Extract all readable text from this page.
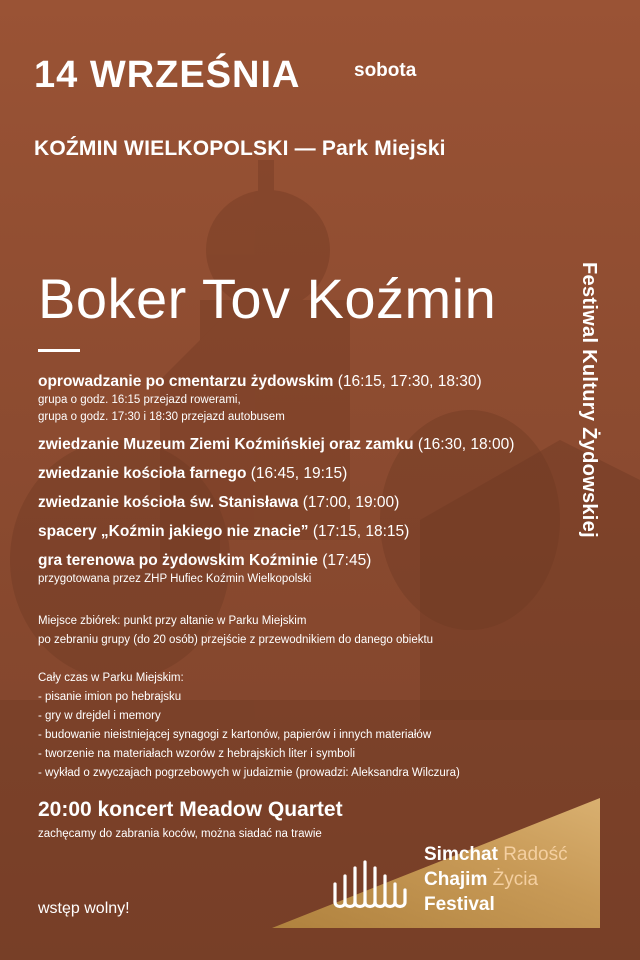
14 WRZEŚNIA	sobota
KOŹMIN WIELKOPOLSKI — Park Miejski
Boker Tov Koźmin	Festiwal Kultury Żydowskiej
oprowadzanie po cmentarzu żydowskim (16:15, 17:30, 18:30)
grupa o godz. 16:15 przejazd rowerami,
grupa o godz. 17:30 i 18:30 przejazd autobusem
zwiedzanie Muzeum Ziemi Koźmińskiej oraz zamku (16:30, 18:00)
zwiedzanie kościoła farnego (16:45, 19:15)
zwiedzanie kościoła św. Stanisława (17:00, 19:00)
spacery „Koźmin jakiego nie znacie” (17:15, 18:15)
gra terenowa po żydowskim Koźminie (17:45)
przygotowana przez ZHP Hufiec Koźmin Wielkopolski
Miejsce zbiórek: punkt przy altanie w Parku Miejskim
po zebraniu grupy (do 20 osób) przejście z przewodnikiem do danego obiektu
Cały czas w Parku Miejskim:
- pisanie imion po hebrajsku
- gry w drejdel i memory
- budowanie nieistniejącej synagogi z kartonów, papierów i innych materiałów
- tworzenie na materiałach wzorów z hebrajskich liter i symboli
- wykład o zwyczajach pogrzebowych w judaizmie (prowadzi: Aleksandra Wilczura)
20:00 koncert Meadow Quartet
zachęcamy do zabrania koców, można siadać na trawie
wstęp wolny!
Simchat Radość
Chajim Życia
Festival
